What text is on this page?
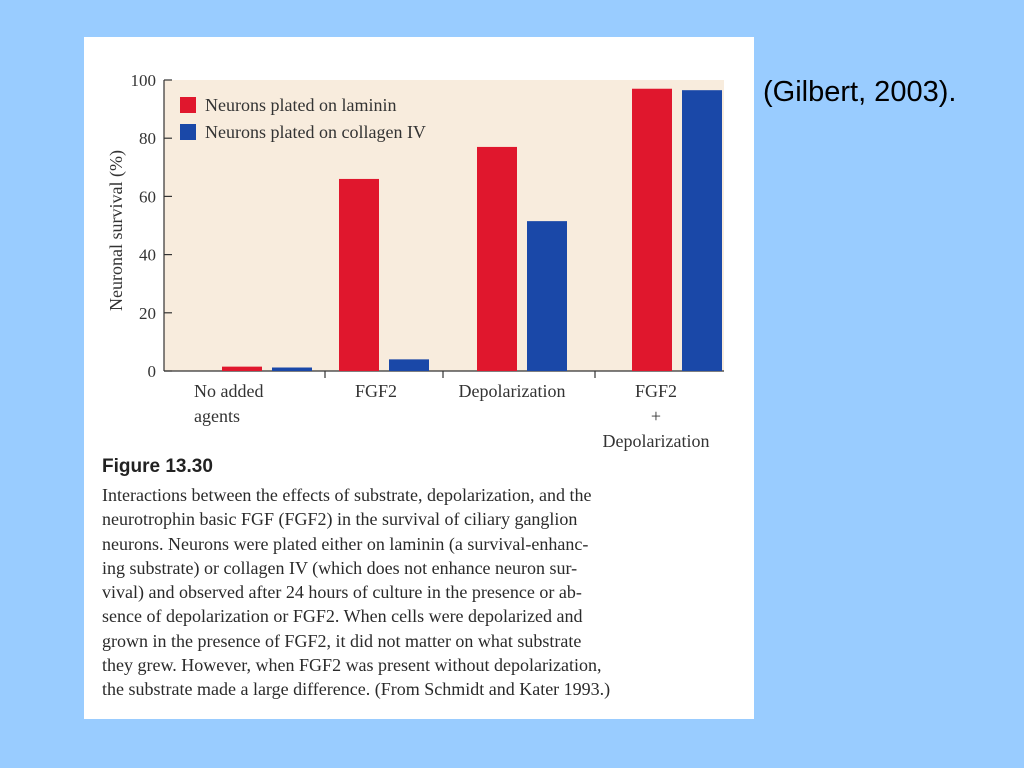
(Gilbert, 2003).
0
20
40
60
80
100
Neuronal survival (%)
No added
agents
FGF2	Depolarization	FGF2
+
Depolarization
Neurons plated on laminin
Neurons plated on collagen IV
Figure 13.30
Interactions between the effects of substrate, depolarization, and the
neurotrophin basic FGF (FGF2) in the survival of ciliary ganglion
neurons. Neurons were plated either on laminin (a survival-enhanc-
ing substrate) or collagen IV (which does not enhance neuron sur-
vival) and observed after 24 hours of culture in the presence or ab-
sence of depolarization or FGF2. When cells were depolarized and
grown in the presence of FGF2, it did not matter on what substrate
they grew. However, when FGF2 was present without depolarization,
the substrate made a large difference. (From Schmidt and Kater 1993.)
